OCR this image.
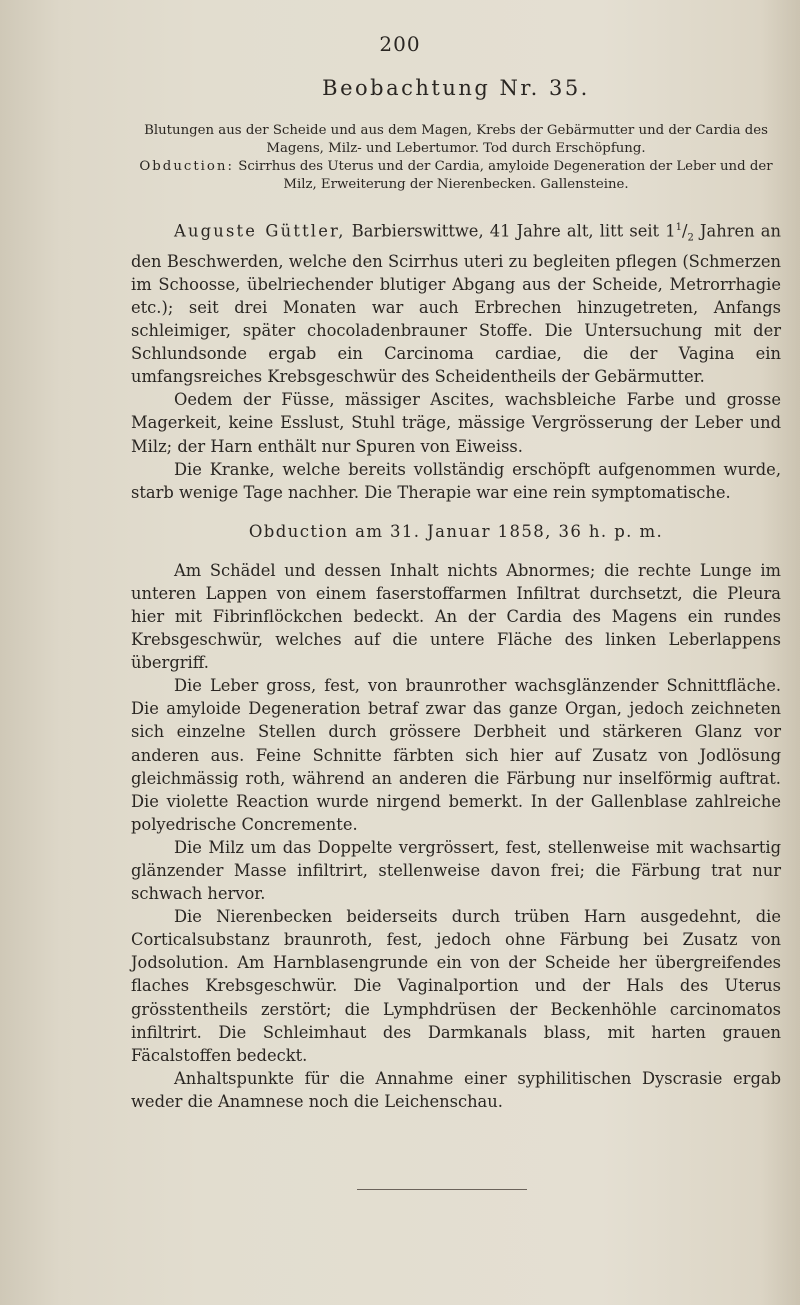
200
Beobachtung Nr. 35.
Blutungen aus der Scheide und aus dem Magen, Krebs der Gebärmutter und der Cardia des Magens, Milz- und Lebertumor. Tod durch Erschöpfung.
Obduction: Scirrhus des Uterus und der Cardia, amyloide Degeneration der Leber und der Milz, Erweiterung der Nierenbecken. Gallensteine.

Auguste Güttler, Barbierswittwe, 41 Jahre alt, litt seit $1^1/_2$ Jahren an den Beschwerden, welche den Scirrhus uteri zu begleiten pflegen (Schmerzen im Schoosse, übelriechender blutiger Abgang aus der Scheide, Metrorrhagie etc.); seit drei Monaten war auch Erbrechen hinzugetreten, Anfangs schleimiger, später chocoladenbrauner Stoffe. Die Untersuchung mit der Schlundsonde ergab ein Carcinoma cardiae, die der Vagina ein umfangsreiches Krebsgeschwür des Scheidentheils der Gebärmutter.

Oedem der Füsse, mässiger Ascites, wachsbleiche Farbe und grosse Magerkeit, keine Esslust, Stuhl träge, mässige Vergrösserung der Leber und Milz; der Harn enthält nur Spuren von Eiweiss.

Die Kranke, welche bereits vollständig erschöpft aufgenommen wurde, starb wenige Tage nachher. Die Therapie war eine rein symptomatische.

Obduction am 31. Januar 1858, 36 h. p. m.

Am Schädel und dessen Inhalt nichts Abnormes; die rechte Lunge im unteren Lappen von einem faserstoffarmen Infiltrat durchsetzt, die Pleura hier mit Fibrinflöckchen bedeckt. An der Cardia des Magens ein rundes Krebsgeschwür, welches auf die untere Fläche des linken Leberlappens übergriff.

Die Leber gross, fest, von braunrother wachsglänzender Schnittfläche. Die amyloide Degeneration betraf zwar das ganze Organ, jedoch zeichneten sich einzelne Stellen durch grössere Derbheit und stärkeren Glanz vor anderen aus. Feine Schnitte färbten sich hier auf Zusatz von Jodlösung gleichmässig roth, während an anderen die Färbung nur inselförmig auftrat. Die violette Reaction wurde nirgend bemerkt. In der Gallenblase zahlreiche polyedrische Concremente.

Die Milz um das Doppelte vergrössert, fest, stellenweise mit wachsartig glänzender Masse infiltrirt, stellenweise davon frei; die Färbung trat nur schwach hervor.

Die Nierenbecken beiderseits durch trüben Harn ausgedehnt, die Corticalsubstanz braunroth, fest, jedoch ohne Färbung bei Zusatz von Jodsolution. Am Harnblasengrunde ein von der Scheide her übergreifendes flaches Krebsgeschwür. Die Vaginalportion und der Hals des Uterus grösstentheils zerstört; die Lymphdrüsen der Beckenhöhle carcinomatos infiltrirt. Die Schleimhaut des Darmkanals blass, mit harten grauen Fäcalstoffen bedeckt.

Anhaltspunkte für die Annahme einer syphilitischen Dyscrasie ergab weder die Anamnese noch die Leichenschau.
